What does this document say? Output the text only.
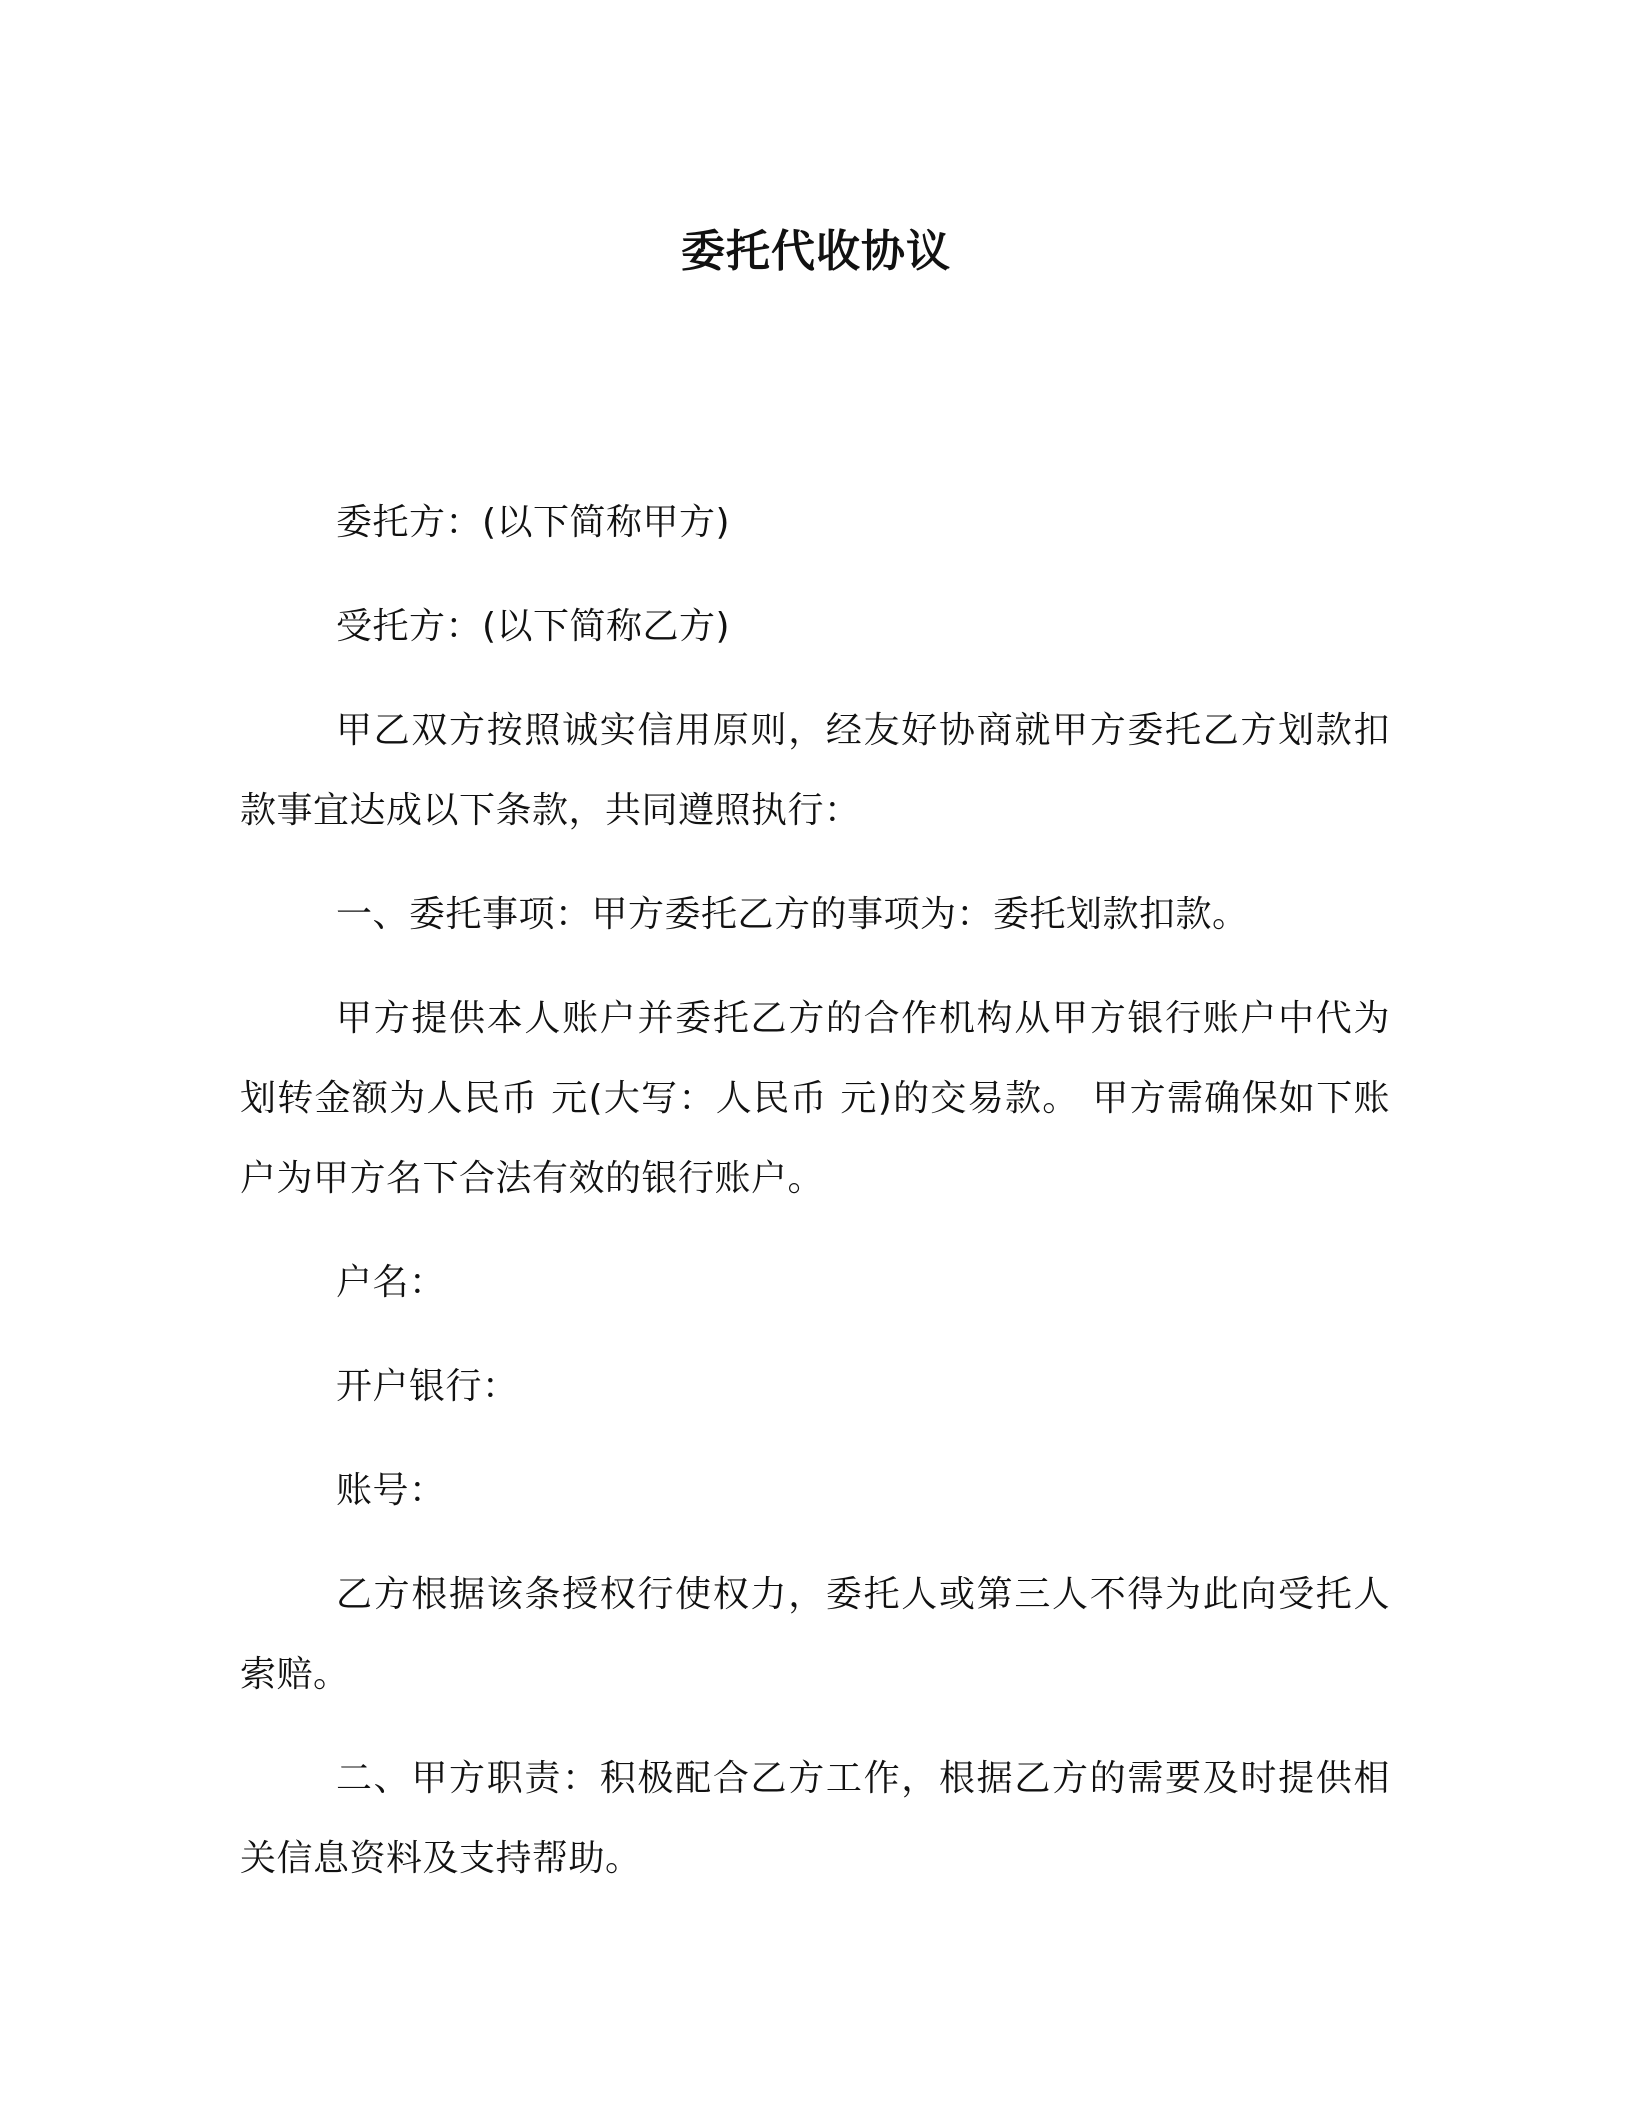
委托代收协议

委托方：(以下简称甲方)

受托方：(以下简称乙方)

甲乙双方按照诚实信用原则，经友好协商就甲方委托乙方划款扣款事宜达成以下条款，共同遵照执行：

一、委托事项：甲方委托乙方的事项为：委托划款扣款。

甲方提供本人账户并委托乙方的合作机构从甲方银行账户中代为划转金额为人民币 元(大写：人民币 元)的交易款。 甲方需确保如下账户为甲方名下合法有效的银行账户。

户名：

开户银行：

账号：

乙方根据该条授权行使权力，委托人或第三人不得为此向受托人索赔。

二、甲方职责：积极配合乙方工作，根据乙方的需要及时提供相关信息资料及支持帮助。
